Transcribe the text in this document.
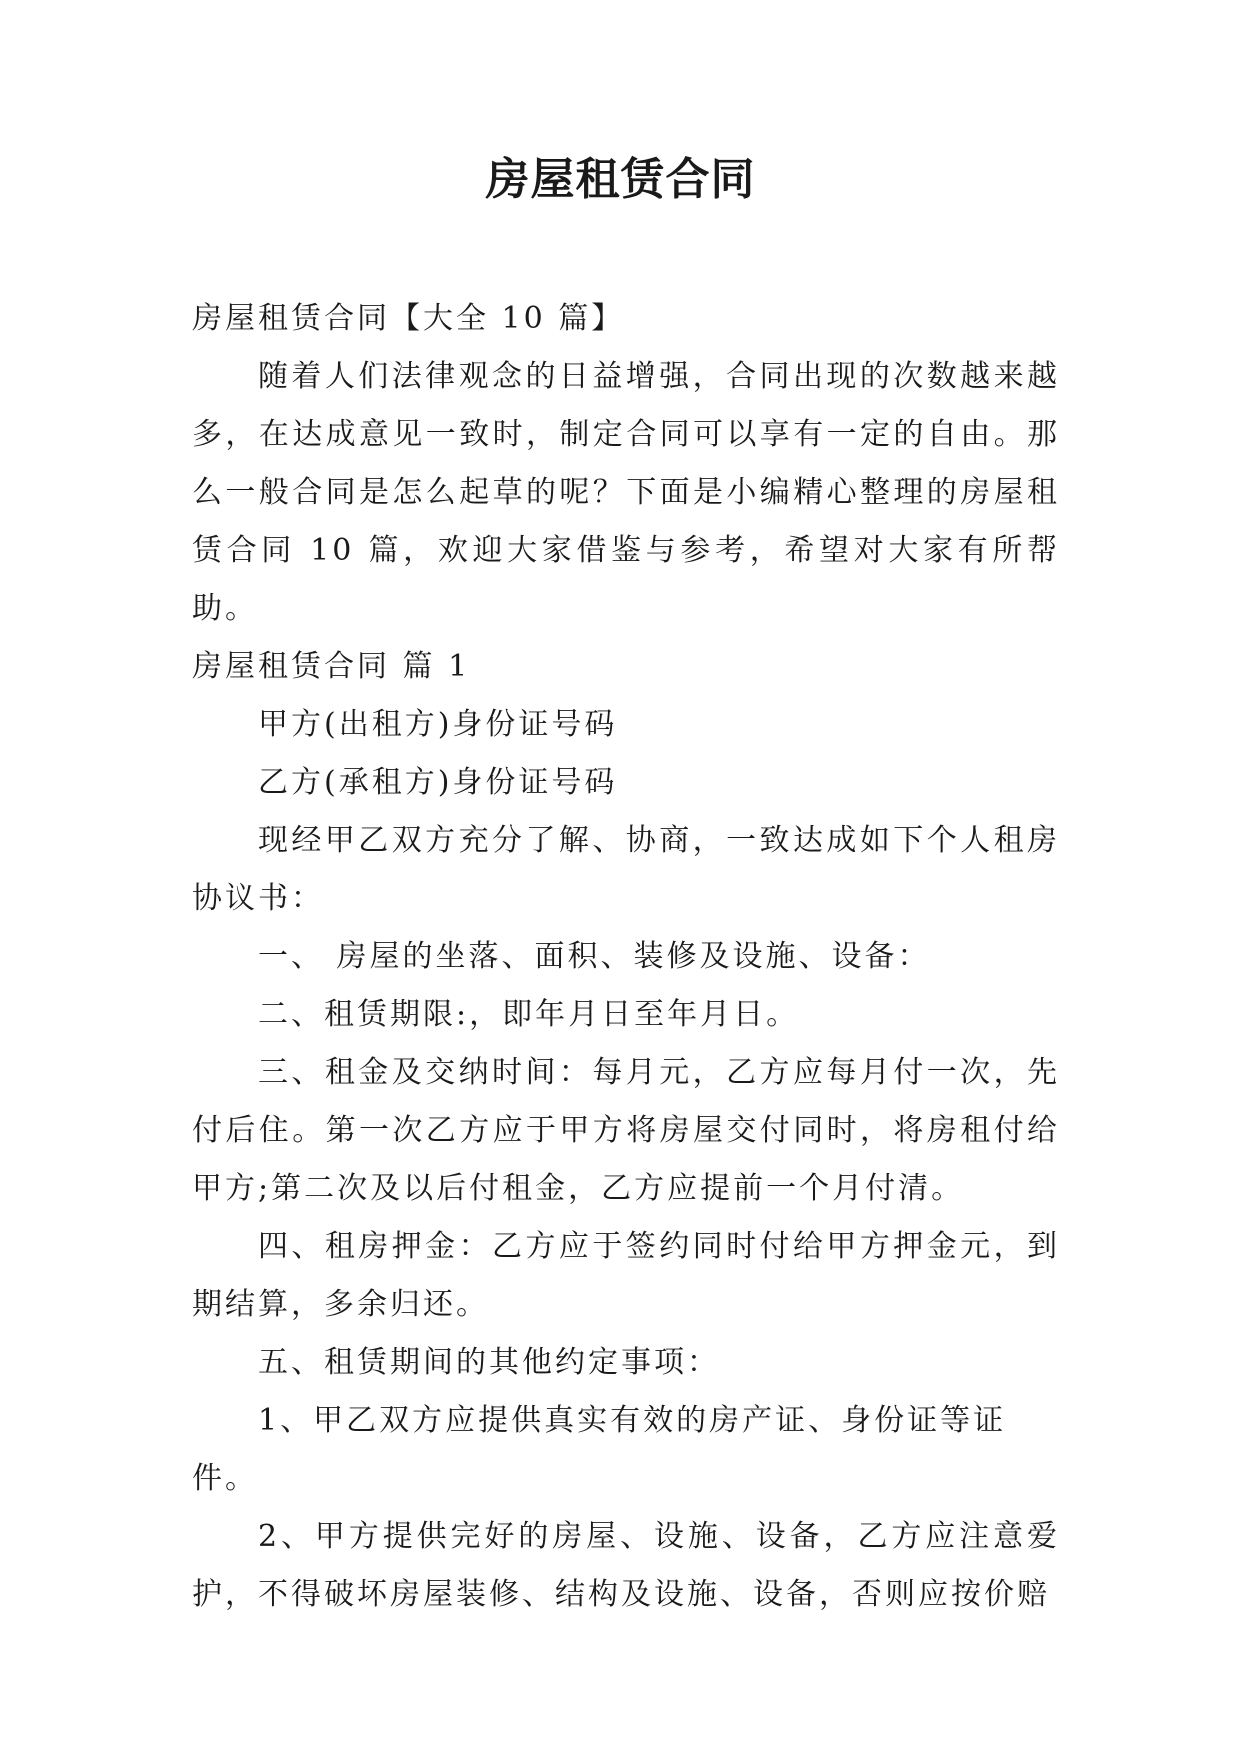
房屋租赁合同

房屋租赁合同【大全 10 篇】

随着人们法律观念的日益增强，合同出现的次数越来越多，在达成意见一致时，制定合同可以享有一定的自由。那么一般合同是怎么起草的呢？下面是小编精心整理的房屋租赁合同 10 篇，欢迎大家借鉴与参考，希望对大家有所帮助。

房屋租赁合同 篇 1

甲方(出租方)身份证号码

乙方(承租方)身份证号码

现经甲乙双方充分了解、协商，一致达成如下个人租房协议书：

一、 房屋的坐落、面积、装修及设施、设备：

二、租赁期限:，即年月日至年月日。

三、租金及交纳时间：每月元，乙方应每月付一次，先付后住。第一次乙方应于甲方将房屋交付同时，将房租付给甲方;第二次及以后付租金，乙方应提前一个月付清。

四、租房押金：乙方应于签约同时付给甲方押金元，到期结算，多余归还。

五、租赁期间的其他约定事项：

1、甲乙双方应提供真实有效的房产证、身份证等证件。

2、甲方提供完好的房屋、设施、设备，乙方应注意爱护，不得破坏房屋装修、结构及设施、设备，否则应按价赔
